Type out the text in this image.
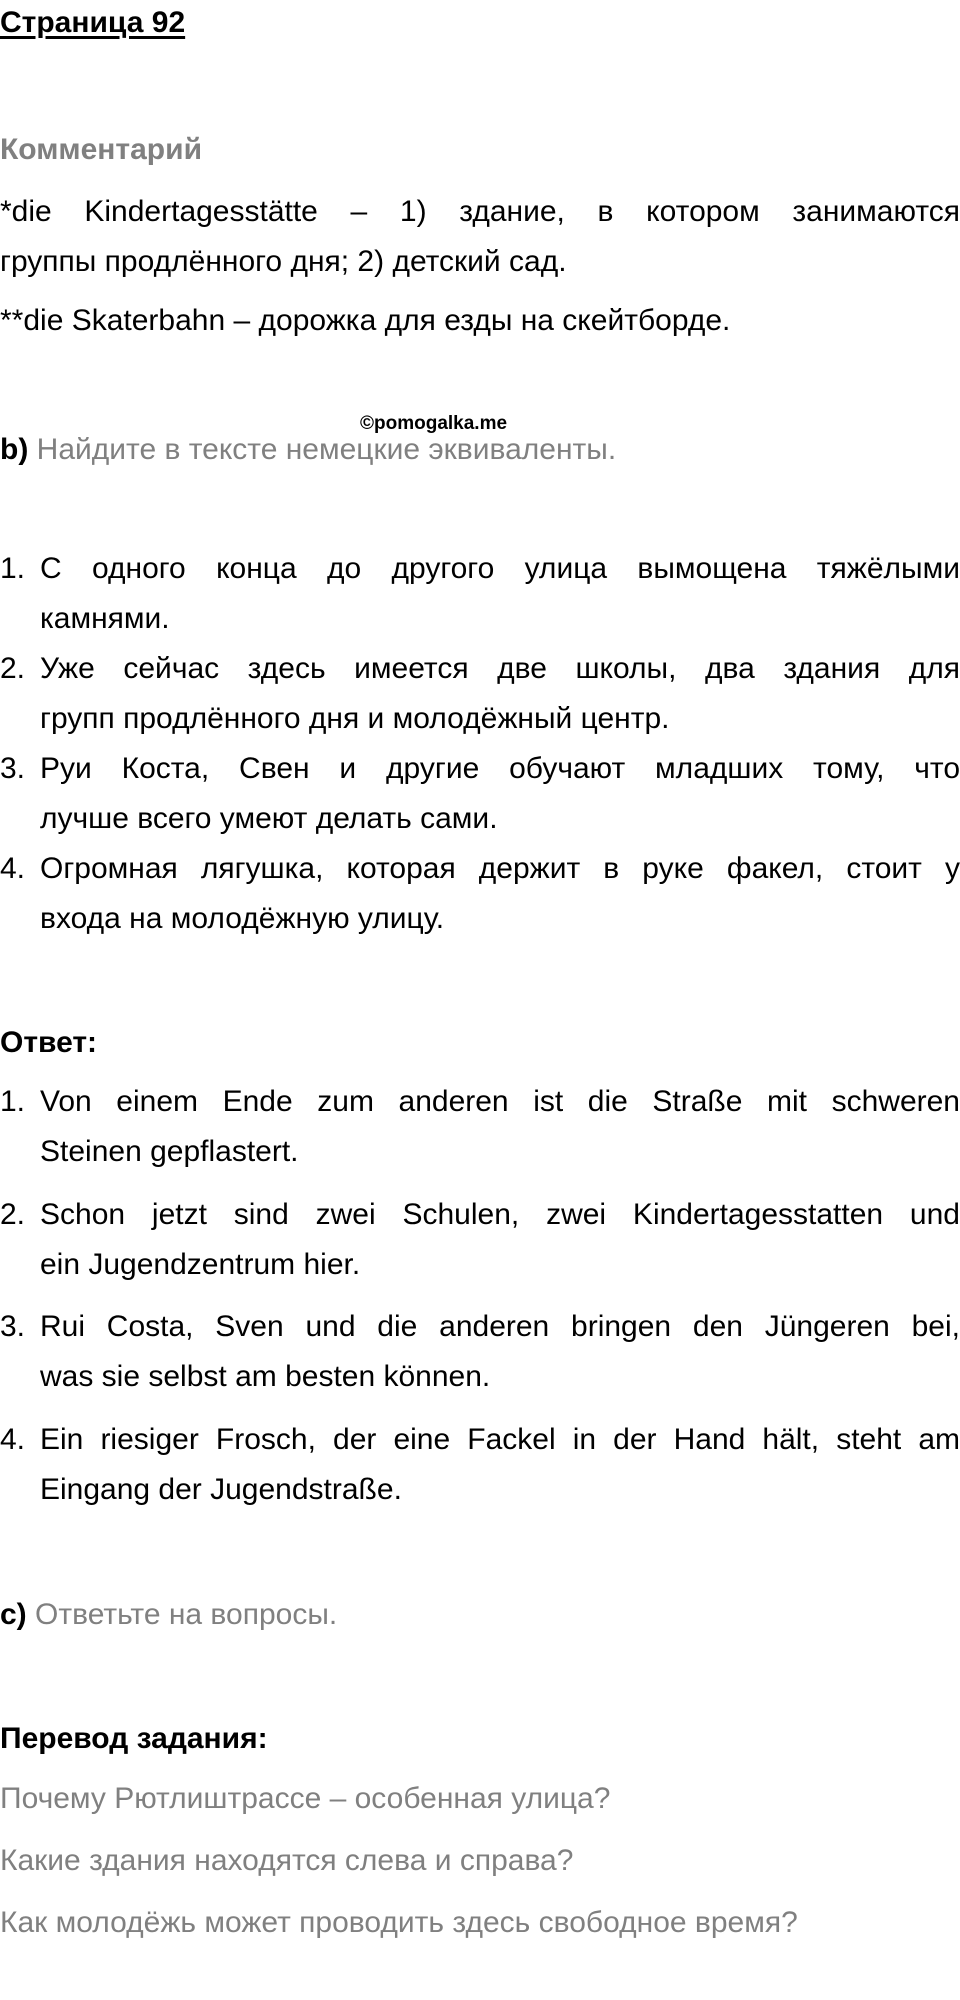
Страница 92
Комментарий
*die Kindertagesstätte – 1) здание, в котором занимаются
группы продлённого дня; 2) детский сад.
**die Skaterbahn – дорожка для езды на скейтборде.
©pomogalka.me
b) Найдите в тексте немецкие эквиваленты.
1. С одного конца до другого улица вымощена тяжёлыми
камнями.
2. Уже сейчас здесь имеется две школы, два здания для
групп продлённого дня и молодёжный центр.
3. Руи Коста, Свен и другие обучают младших тому, что
лучше всего умеют делать сами.
4. Огромная лягушка, которая держит в руке факел, стоит у
входа на молодёжную улицу.
Ответ:
1. Von einem Ende zum anderen ist die Straße mit schweren
Steinen gepflastert.
2. Schon jetzt sind zwei Schulen, zwei Kindertagesstatten und
ein Jugendzentrum hier.
3. Rui Costa, Sven und die anderen bringen den Jüngeren bei,
was sie selbst am besten können.
4. Ein riesiger Frosch, der eine Fackel in der Hand hält, steht am
Eingang der Jugendstraße.
c) Ответьте на вопросы.
Перевод задания:
Почему Рютлиштрассе – особенная улица?
Какие здания находятся слева и справа?
Как молодёжь может проводить здесь свободное время?
